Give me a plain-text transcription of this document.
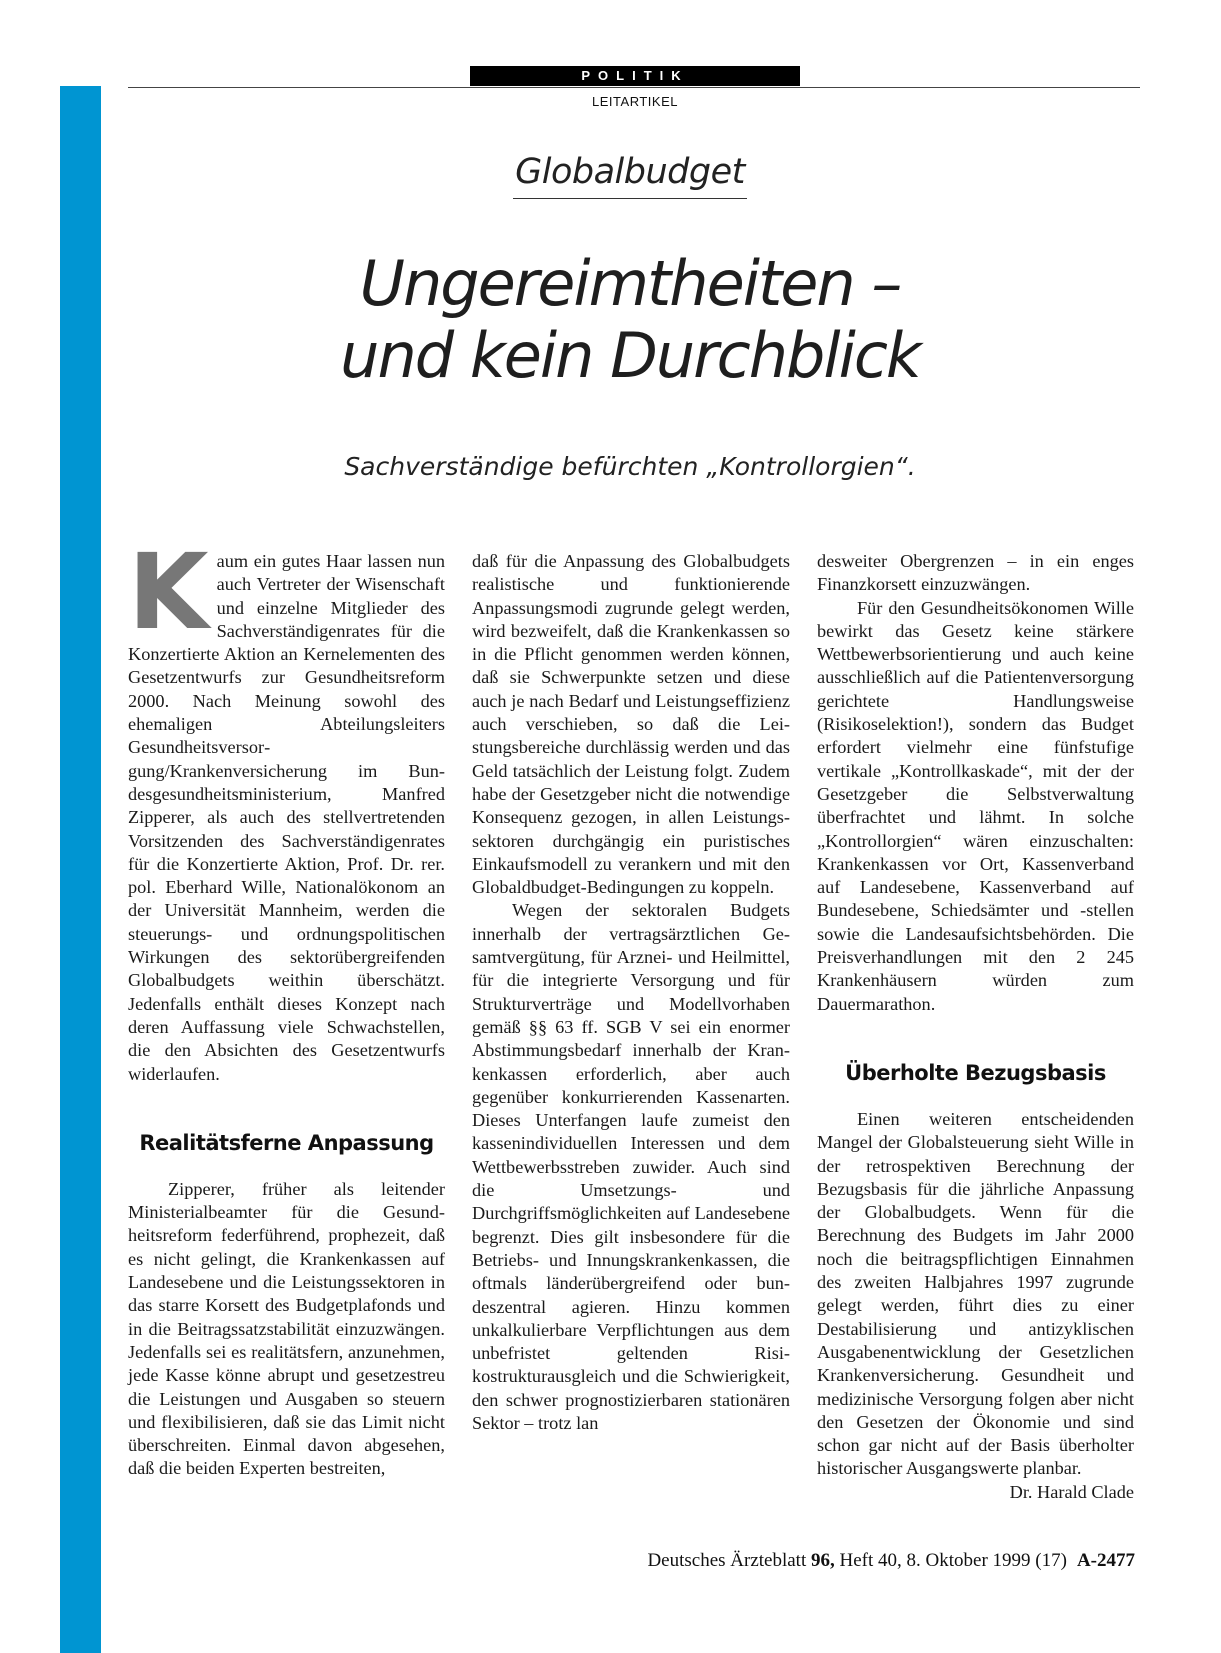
POLITIK
LEITARTIKEL
Globalbudget
Ungereimtheiten –
und kein Durchblick
Sachverständige befürchten „Kontrollorgien“.

Kaum ein gutes Haar lassen nun auch Vertreter der Wisenschaft und einzelne Mitglieder des Sachverständigenrates für die Konzertierte Aktion an Kernelementen des Gesetzentwurfs zur Gesundheitsreform 2000. Nach Meinung sowohl des ehemaligen Abteilungsleiters Gesundheitsversorgung/Krankenversicherung im Bundesgesundheitsministerium, Manfred Zipperer, als auch des stellvertretenden Vorsitzenden des Sachverständigenrates für die Konzertierte Aktion, Prof. Dr. rer. pol. Eberhard Wille, Nationalökonom an der Universität Mannheim, werden die steuerungs- und ordnungspolitischen Wirkungen des sektorübergreifenden Globalbudgets weithin überschätzt. Jedenfalls enthält dieses Konzept nach deren Auffassung viele Schwachstellen, die den Absichten des Gesetzentwurfs widerlaufen.

Realitätsferne Anpassung

Zipperer, früher als leitender Ministerialbeamter für die Gesundheitsreform federführend, prophezeit, daß es nicht gelingt, die Krankenkassen auf Landesebene und die Leistungssektoren in das starre Korsett des Budgetplafonds und in die Beitragssatzstabilität einzuzwängen. Jedenfalls sei es realitätsfern, anzunehmen, jede Kasse könne abrupt und gesetzestreu die Leistungen und Ausgaben so steuern und flexibilisieren, daß sie das Limit nicht überschreiten. Einmal davon abgesehen, daß die beiden Experten bestreiten,

daß für die Anpassung des Globalbudgets realistische und funktionierende Anpassungsmodi zugrunde gelegt werden, wird bezweifelt, daß die Krankenkassen so in die Pflicht genommen werden können, daß sie Schwerpunkte setzen und diese auch je nach Bedarf und Leistungseffizienz auch verschieben, so daß die Leistungsbereiche durchlässig werden und das Geld tatsächlich der Leistung folgt. Zudem habe der Gesetzgeber nicht die notwendige Konsequenz gezogen, in allen Leistungssektoren durchgängig ein puristisches Einkaufsmodell zu verankern und mit den Globaldbudget-Bedingungen zu koppeln.

Wegen der sektoralen Budgets innerhalb der vertragsärztlichen Gesamtvergütung, für Arznei- und Heilmittel, für die integrierte Versorgung und für Strukturverträge und Modellvorhaben gemäß §§ 63 ff. SGB V sei ein enormer Abstimmungsbedarf innerhalb der Krankenkassen erforderlich, aber auch gegenüber konkurrierenden Kassenarten. Dieses Unterfangen laufe zumeist den kassenindividuellen Interessen und dem Wettbewerbsstreben zuwider. Auch sind die Umsetzungs- und Durchgriffsmöglichkeiten auf Landesebene begrenzt. Dies gilt insbesondere für die Betriebs- und Innungskrankenkassen, die oftmals länderübergreifend oder bundeszentral agieren. Hinzu kommen unkalkulierbare Verpflichtungen aus dem unbefristet geltenden Risikostrukturausgleich und die Schwierigkeit, den schwer prognostizierbaren stationären Sektor – trotz lan

desweiter Obergrenzen – in ein enges Finanzkorsett einzuzwängen.

Für den Gesundheitsökonomen Wille bewirkt das Gesetz keine stärkere Wettbewerbsorientierung und auch keine ausschließlich auf die Patientenversorgung gerichtete Handlungsweise (Risikoselektion!), sondern das Budget erfordert vielmehr eine fünfstufige vertikale „Kontrollkaskade“, mit der der Gesetzgeber die Selbstverwaltung überfrachtet und lähmt. In solche „Kontrollorgien“ wären einzuschalten: Krankenkassen vor Ort, Kassenverband auf Landesebene, Kassenverband auf Bundesebene, Schiedsämter und -stellen sowie die Landesaufsichtsbehörden. Die Preisverhandlungen mit den 2 245 Krankenhäusern würden zum Dauermarathon.

Überholte Bezugsbasis

Einen weiteren entscheidenden Mangel der Globalsteuerung sieht Wille in der retrospektiven Berechnung der Bezugsbasis für die jährliche Anpassung der Globalbudgets. Wenn für die Berechnung des Budgets im Jahr 2000 noch die beitragspflichtigen Einnahmen des zweiten Halbjahres 1997 zugrunde gelegt werden, führt dies zu einer Destabilisierung und antizyklischen Ausgabenentwicklung der Gesetzlichen Krankenversicherung. Gesundheit und medizinische Versorgung folgen aber nicht den Gesetzen der Ökonomie und sind schon gar nicht auf der Basis überholter historischer Ausgangswerte planbar.
Dr. Harald Clade

Deutsches Ärzteblatt 96, Heft 40, 8. Oktober 1999 (17) A-2477
